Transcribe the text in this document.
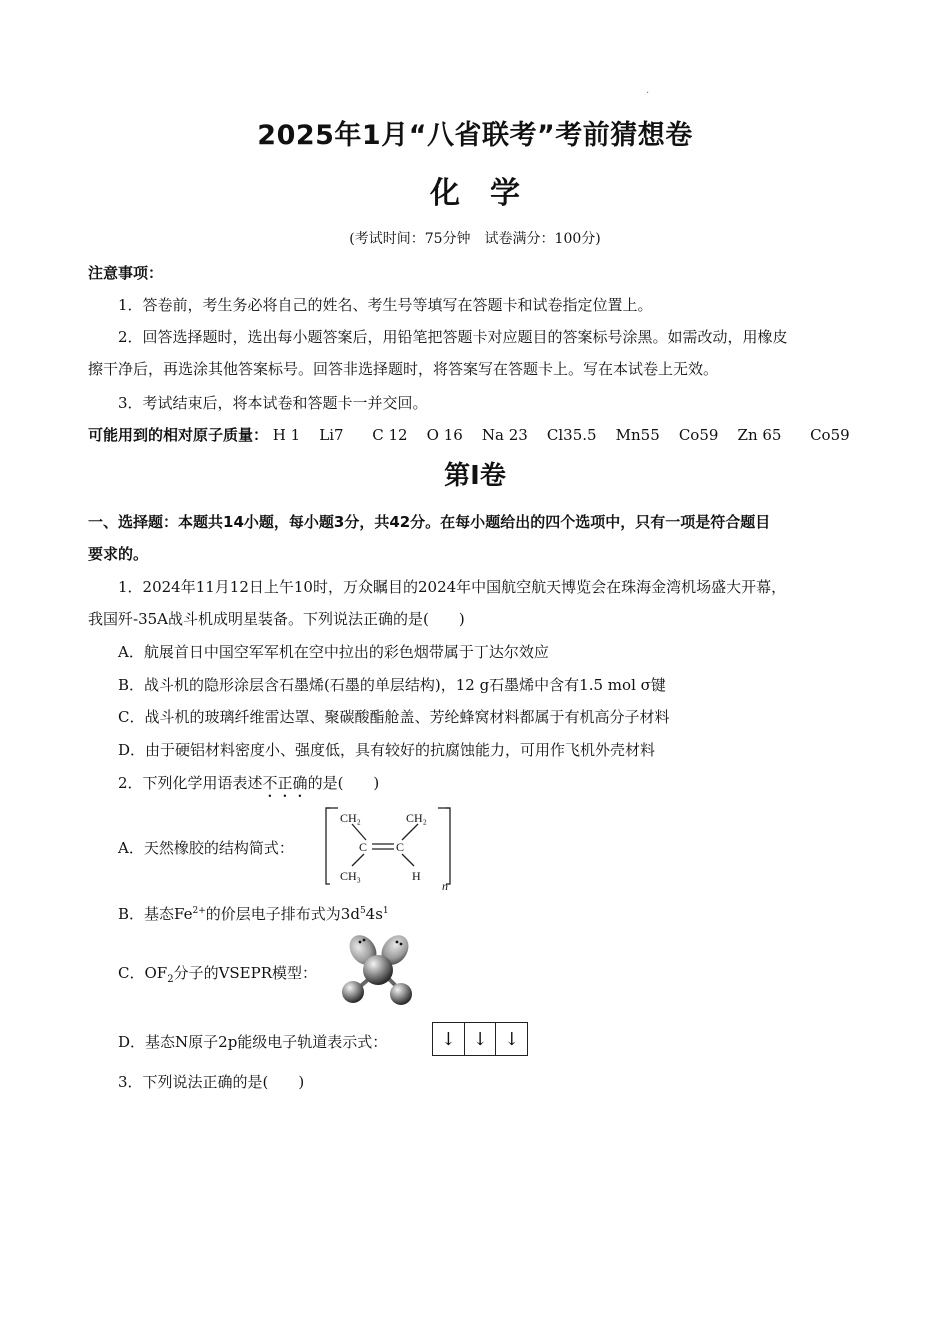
·
2025年1月“八省联考”考前猜想卷
化学
(考试时间：75分钟　试卷满分：100分)
注意事项：
1．答卷前，考生务必将自己的姓名、考生号等填写在答题卡和试卷指定位置上。
2．回答选择题时，选出每小题答案后，用铅笔把答题卡对应题目的答案标号涂黑。如需改动，用橡皮
擦干净后，再选涂其他答案标号。回答非选择题时，将答案写在答题卡上。写在本试卷上无效。
3．考试结束后，将本试卷和答题卡一并交回。
可能用到的相对原子质量： H 1 Li7 C 12 O 16 Na 23 Cl35.5 Mn55 Co59 Zn 65 Co59
第I卷
一、选择题：本题共14小题，每小题3分，共42分。在每小题给出的四个选项中，只有一项是符合题目
要求的。
1．2024年11月12日上午10时，万众瞩目的2024年中国航空航天博览会在珠海金湾机场盛大开幕，
我国歼-35A战斗机成明星装备。下列说法正确的是(　　)
A．航展首日中国空军军机在空中拉出的彩色烟带属于丁达尔效应
B．战斗机的隐形涂层含石墨烯(石墨的单层结构)，12 g石墨烯中含有1.5 mol σ键
C．战斗机的玻璃纤维雷达罩、聚碳酸酯舱盖、芳纶蜂窝材料都属于有机高分子材料
D．由于硬铝材料密度小、强度低，具有较好的抗腐蚀能力，可用作飞机外壳材料
2．下列化学用语表述不正确的是(　　)
A．天然橡胶的结构简式：
CH₂	CH₂
C C
CH₃	H
n
B．基态$Fe^{2+}$的价层电子排布式为$3d^54s^1$
C．$OF_2$分子的VSEPR模型：
D．基态N原子2p能级电子轨道表示式：	↓ ↓ ↓
3．下列说法正确的是(　　)
